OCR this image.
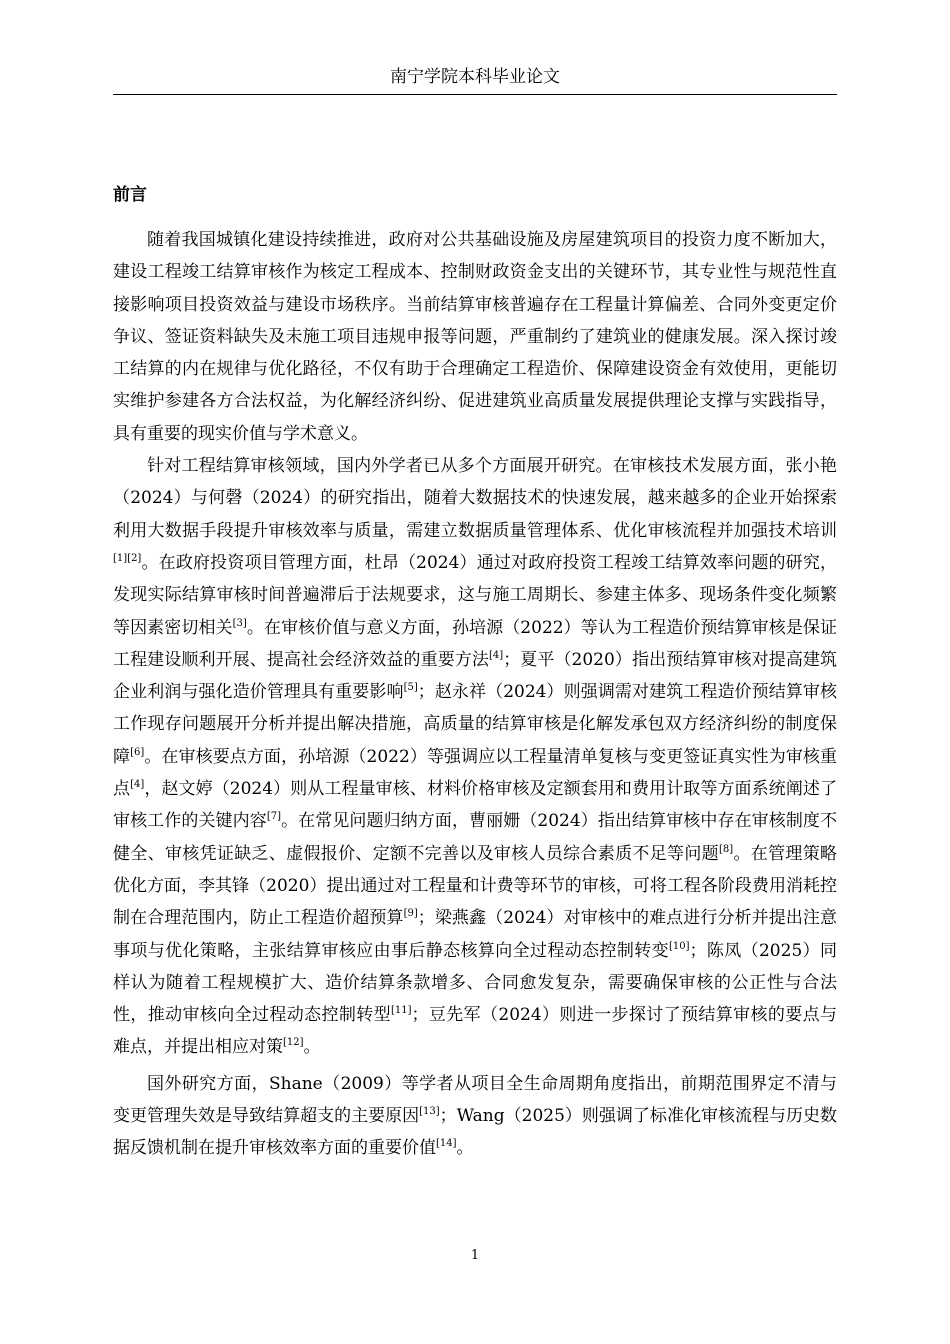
南宁学院本科毕业论文
前言

随着我国城镇化建设持续推进，政府对公共基础设施及房屋建筑项目的投资力度不断加大，建设工程竣工结算审核作为核定工程成本、控制财政资金支出的关键环节，其专业性与规范性直接影响项目投资效益与建设市场秩序。当前结算审核普遍存在工程量计算偏差、合同外变更定价争议、签证资料缺失及未施工项目违规申报等问题，严重制约了建筑业的健康发展。深入探讨竣工结算的内在规律与优化路径，不仅有助于合理确定工程造价、保障建设资金有效使用，更能切实维护参建各方合法权益，为化解经济纠纷、促进建筑业高质量发展提供理论支撑与实践指导，具有重要的现实价值与学术意义。

针对工程结算审核领域，国内外学者已从多个方面展开研究。在审核技术发展方面，张小艳（2024）与何磬（2024）的研究指出，随着大数据技术的快速发展，越来越多的企业开始探索利用大数据手段提升审核效率与质量，需建立数据质量管理体系、优化审核流程并加强技术培训[1][2]。在政府投资项目管理方面，杜昂（2024）通过对政府投资工程竣工结算效率问题的研究，发现实际结算审核时间普遍滞后于法规要求，这与施工周期长、参建主体多、现场条件变化频繁等因素密切相关[3]。在审核价值与意义方面，孙培源（2022）等认为工程造价预结算审核是保证工程建设顺利开展、提高社会经济效益的重要方法[4]；夏平（2020）指出预结算审核对提高建筑企业利润与强化造价管理具有重要影响[5]；赵永祥（2024）则强调需对建筑工程造价预结算审核工作现存问题展开分析并提出解决措施，高质量的结算审核是化解发承包双方经济纠纷的制度保障[6]。在审核要点方面，孙培源（2022）等强调应以工程量清单复核与变更签证真实性为审核重点[4]，赵文婷（2024）则从工程量审核、材料价格审核及定额套用和费用计取等方面系统阐述了审核工作的关键内容[7]。在常见问题归纳方面，曹丽姗（2024）指出结算审核中存在审核制度不健全、审核凭证缺乏、虚假报价、定额不完善以及审核人员综合素质不足等问题[8]。在管理策略优化方面，李其锋（2020）提出通过对工程量和计费等环节的审核，可将工程各阶段费用消耗控制在合理范围内，防止工程造价超预算[9]；梁燕鑫（2024）对审核中的难点进行分析并提出注意事项与优化策略，主张结算审核应由事后静态核算向全过程动态控制转变[10]；陈凤（2025）同样认为随着工程规模扩大、造价结算条款增多、合同愈发复杂，需要确保审核的公正性与合法性，推动审核向全过程动态控制转型[11]；豆先军（2024）则进一步探讨了预结算审核的要点与难点，并提出相应对策[12]。

国外研究方面，Shane（2009）等学者从项目全生命周期角度指出，前期范围界定不清与变更管理失效是导致结算超支的主要原因[13]；Wang（2025）则强调了标准化审核流程与历史数据反馈机制在提升审核效率方面的重要价值[14]。

1
